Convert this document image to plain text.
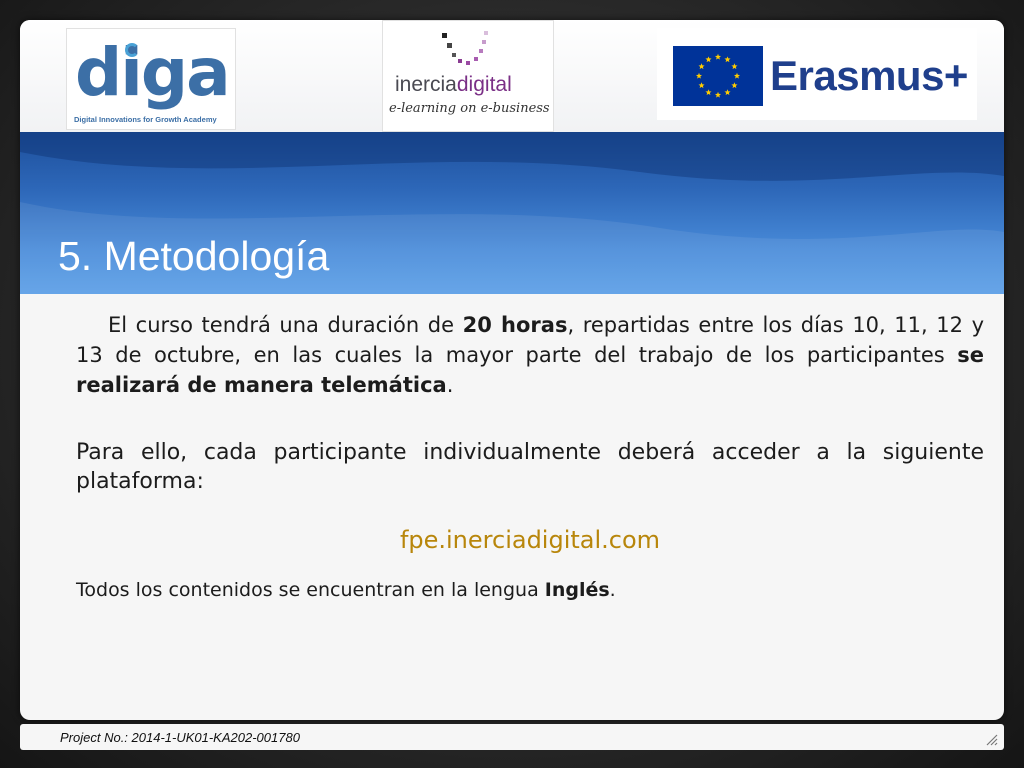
diga
Digital Innovations for Growth Academy
inerciadigital
e-learning on e-business
Erasmus+
5. Metodología

El curso tendrá una duración de 20 horas, repartidas entre los días 10, 11, 12 y 13 de octubre, en las cuales la mayor parte del trabajo de los participantes se realizará de manera telemática.

Para ello, cada participante individualmente deberá acceder a la siguiente plataforma:

fpe.inerciadigital.com

Todos los contenidos se encuentran en la lengua Inglés.

Project No.: 2014-1-UK01-KA202-001780
